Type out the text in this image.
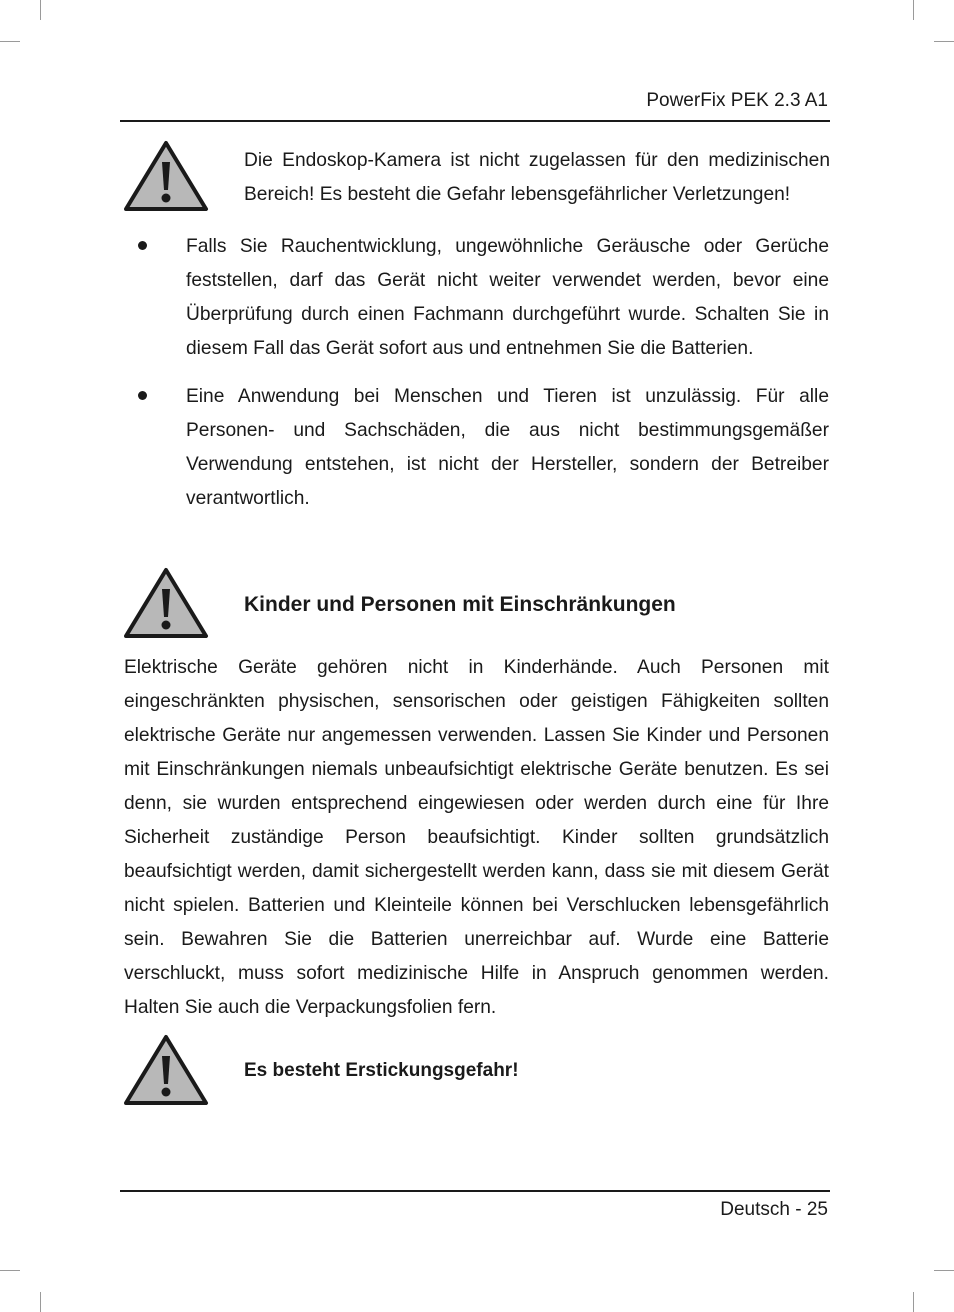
PowerFix PEK 2.3 A1

Die Endoskop-Kamera ist nicht zugelassen für den medizinischen Bereich! Es besteht die Gefahr lebensgefährlicher Verletzungen!

Falls Sie Rauchentwicklung, ungewöhnliche Geräusche oder Gerüche feststellen, darf das Gerät nicht weiter verwendet werden, bevor eine Überprüfung durch einen Fachmann durchgeführt wurde. Schalten Sie in diesem Fall das Gerät sofort aus und entnehmen Sie die Batterien.

Eine Anwendung bei Menschen und Tieren ist unzulässig. Für alle Personen- und Sachschäden, die aus nicht bestimmungsgemäßer Verwendung entstehen, ist nicht der Hersteller, sondern der Betreiber verantwortlich.

Kinder und Personen mit Einschränkungen

Elektrische Geräte gehören nicht in Kinderhände. Auch Personen mit eingeschränkten physischen, sensorischen oder geistigen Fähigkeiten sollten elektrische Geräte nur angemessen verwenden. Lassen Sie Kinder und Personen mit Einschränkungen niemals unbeaufsichtigt elektrische Geräte benutzen. Es sei denn, sie wurden entsprechend eingewiesen oder werden durch eine für Ihre Sicherheit zuständige Person beaufsichtigt. Kinder sollten grundsätzlich beaufsichtigt werden, damit sichergestellt werden kann, dass sie mit diesem Gerät nicht spielen. Batterien und Kleinteile können bei Verschlucken lebensgefährlich sein. Bewahren Sie die Batterien unerreichbar auf. Wurde eine Batterie verschluckt, muss sofort medizinische Hilfe in Anspruch genommen werden. Halten Sie auch die Verpackungsfolien fern.

Es besteht Erstickungsgefahr!
Deutsch - 25
